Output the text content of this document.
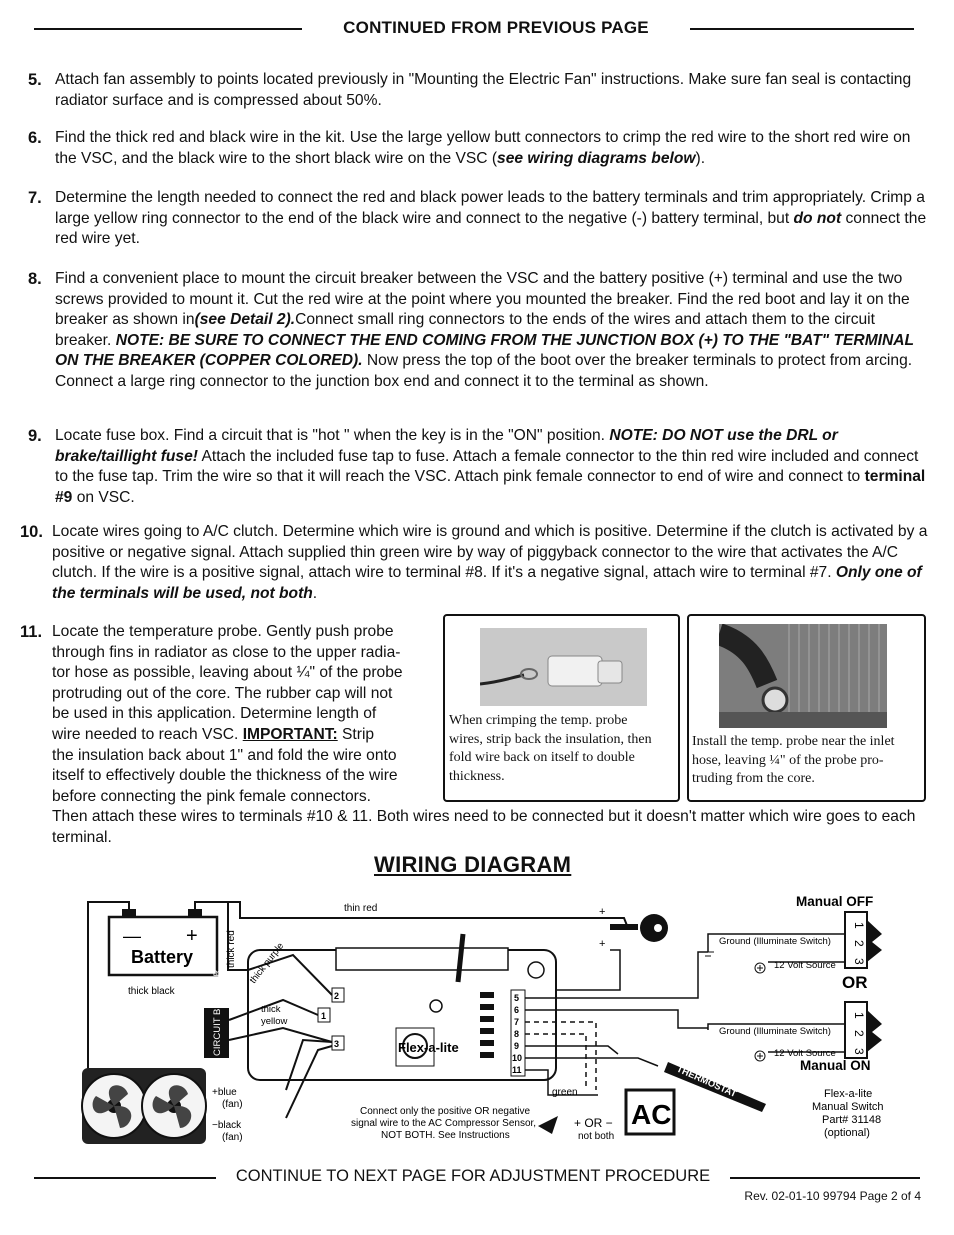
CONTINUED FROM PREVIOUS PAGE
5. Attach fan assembly to points located previously in "Mounting the Electric Fan" instructions. Make sure fan seal is contacting radiator surface and is compressed about 50%.
6. Find the thick red and black wire in the kit. Use the large yellow butt connectors to crimp the red wire to the short red wire on the VSC, and the black wire to the short black wire on the VSC (see wiring diagrams below).
7. Determine the length needed to connect the red and black power leads to the battery terminals and trim appropriately. Crimp a large yellow ring connector to the end of the black wire and connect to the negative (-) battery terminal, but do not connect the red wire yet.
8. Find a convenient place to mount the circuit breaker between the VSC and the battery positive (+) terminal and use the two screws provided to mount it. Cut the red wire at the point where you mounted the breaker. Find the red boot and lay it on the breaker as shown in(see Detail 2).Connect small ring connectors to the ends of the wires and attach them to the circuit breaker. NOTE: BE SURE TO CONNECT THE END COMING FROM THE JUNCTION BOX (+) TO THE "BAT" TERMINAL ON THE BREAKER (COPPER COLORED). Now press the top of the boot over the breaker terminals to protect from arcing. Connect a large ring connector to the junction box end and connect it to the terminal as shown.
9. Locate fuse box. Find a circuit that is "hot " when the key is in the "ON" position. NOTE: DO NOT use the DRL or brake/taillight fuse! Attach the included fuse tap to fuse. Attach a female connector to the thin red wire included and connect to the fuse tap. Trim the wire so that it will reach the VSC. Attach pink female connector to end of wire and connect to terminal #9 on VSC.
10. Locate wires going to A/C clutch. Determine which wire is ground and which is positive. Determine if the clutch is activated by a positive or negative signal. Attach supplied thin green wire by way of piggyback connector to the wire that activates the A/C clutch. If the wire is a positive signal, attach wire to terminal #8. If it's a negative signal, attach wire to terminal #7. Only one of the terminals will be used, not both.
11. Locate the temperature probe. Gently push probe
through fins in radiator as close to the upper radia-
tor hose as possible, leaving about ¼" of the probe
protruding out of the core. The rubber cap will not
be used in this application. Determine length of
wire needed to reach VSC. IMPORTANT: Strip
the insulation back about 1" and fold the wire onto
itself to effectively double the thickness of the wire
before connecting the pink female connectors.
Then attach these wires to terminals #10 & 11. Both wires need to be connected but it doesn't matter which wire goes to each terminal.
When crimping the temp. probe
wires, strip back the insulation, then
fold wire back on itself to double
thickness.
Install the temp. probe near the inlet
hose, leaving ¼" of the probe pro-
truding from the core.
WIRING DIAGRAM
— +
Battery	thick red
thin red
thick black
+
+
CIRCUIT BREAKER	Flex-a-lite
2
1
3
thick purple
thick
yellow
5
6
7
8
9
10
11
green	THERMOSTAT
AC
+ OR −
not both
Connect only the positive OR negative
signal wire to the AC Compressor Sensor,
NOT BOTH. See Instructions
+blue
(fan)
−black
(fan)
Manual OFF
1
2
3
Ground (Illuminate Switch)
12 Volt Source
OR
1
2
3
Ground (Illuminate Switch)
12 Volt Source
Manual ON
Flex-a-lite
Manual Switch
Part# 31148
(optional)
CONTINUE TO NEXT PAGE FOR ADJUSTMENT PROCEDURE
Rev. 02-01-10 99794 Page 2 of 4
